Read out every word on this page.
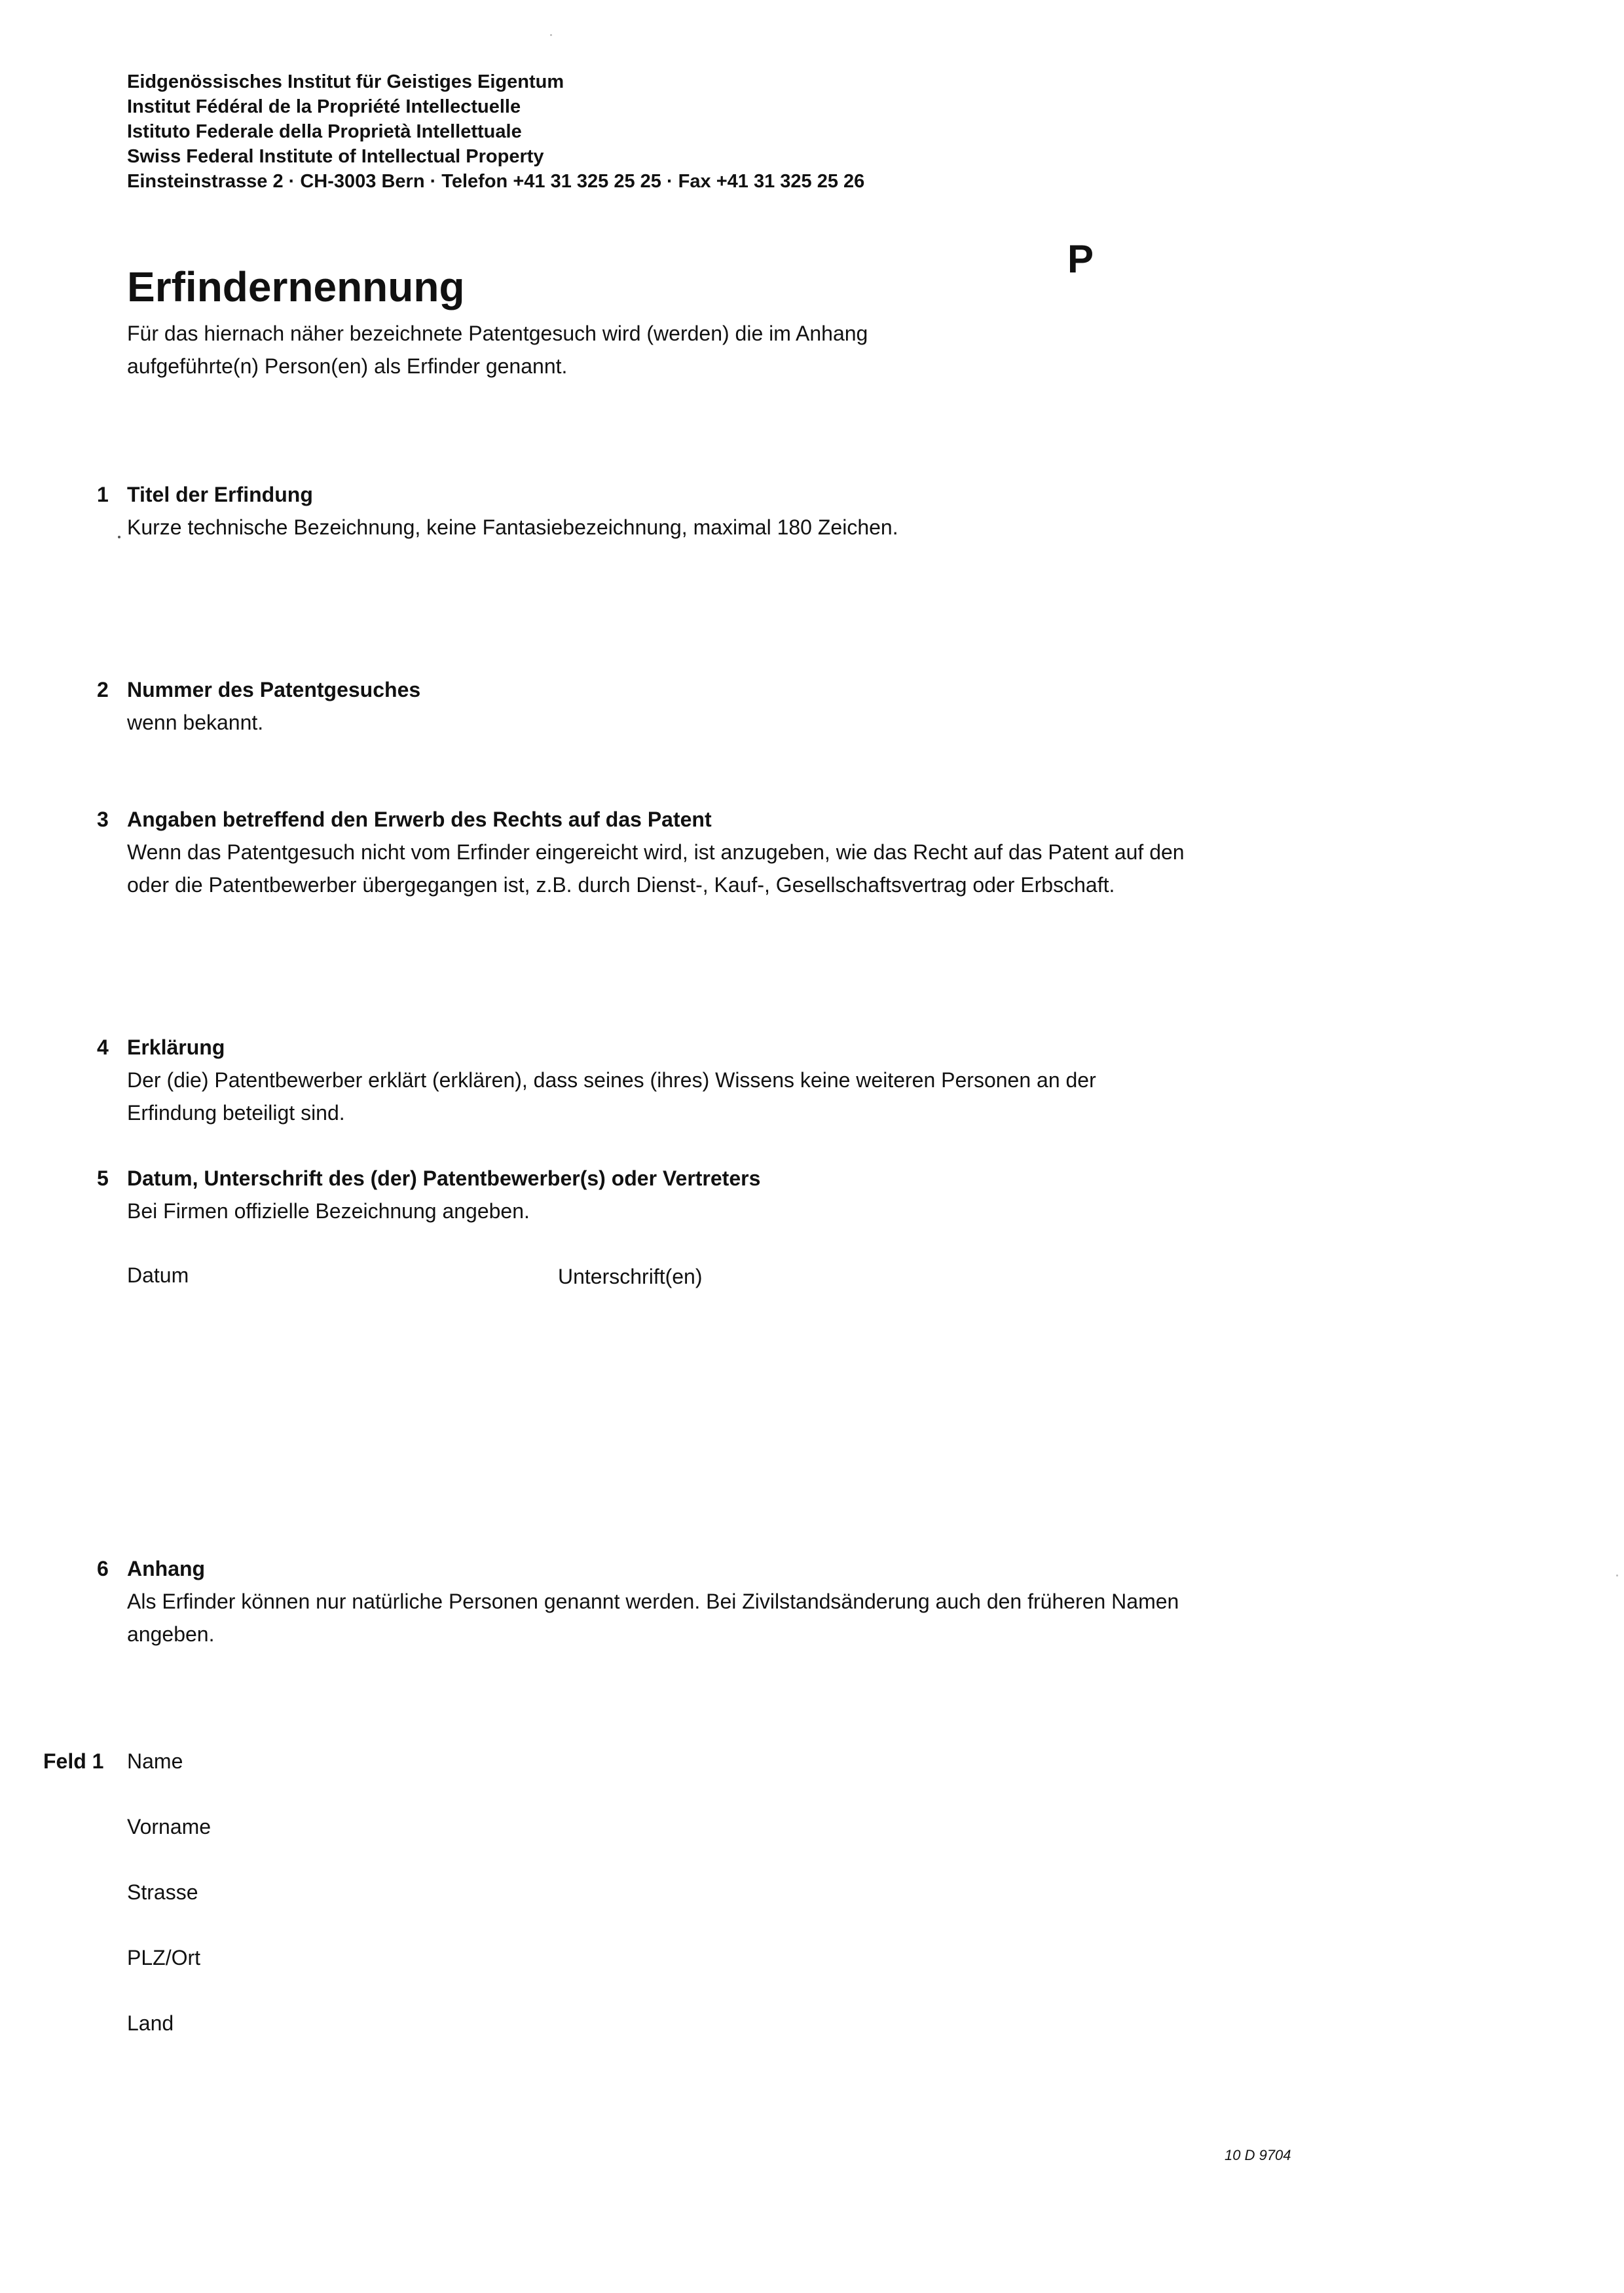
Eidgenössisches Institut für Geistiges Eigentum
Institut Fédéral de la Propriété Intellectuelle
Istituto Federale della Proprietà Intellettuale
Swiss Federal Institute of Intellectual Property
Einsteinstrasse 2 · CH-3003 Bern · Telefon +41 31 325 25 25 · Fax +41 31 325 25 26
P
Erfindernennung
Für das hiernach näher bezeichnete Patentgesuch wird (werden) die im Anhang aufgeführte(n) Person(en) als Erfinder genannt.
1 Titel der Erfindung
Kurze technische Bezeichnung, keine Fantasiebezeichnung, maximal 180 Zeichen.
2 Nummer des Patentgesuches
wenn bekannt.
3 Angaben betreffend den Erwerb des Rechts auf das Patent
Wenn das Patentgesuch nicht vom Erfinder eingereicht wird, ist anzugeben, wie das Recht auf das Patent auf den oder die Patentbewerber übergegangen ist, z.B. durch Dienst-, Kauf-, Gesellschaftsvertrag oder Erbschaft.
4 Erklärung
Der (die) Patentbewerber erklärt (erklären), dass seines (ihres) Wissens keine weiteren Personen an der Erfindung beteiligt sind.
5 Datum, Unterschrift des (der) Patentbewerber(s) oder Vertreters
Bei Firmen offizielle Bezeichnung angeben.
Datum	Unterschrift(en)
6 Anhang
Als Erfinder können nur natürliche Personen genannt werden. Bei Zivilstandsänderung auch den früheren Namen angeben.
Feld 1 Name
Vorname
Strasse
PLZ/Ort
Land
10 D 9704
